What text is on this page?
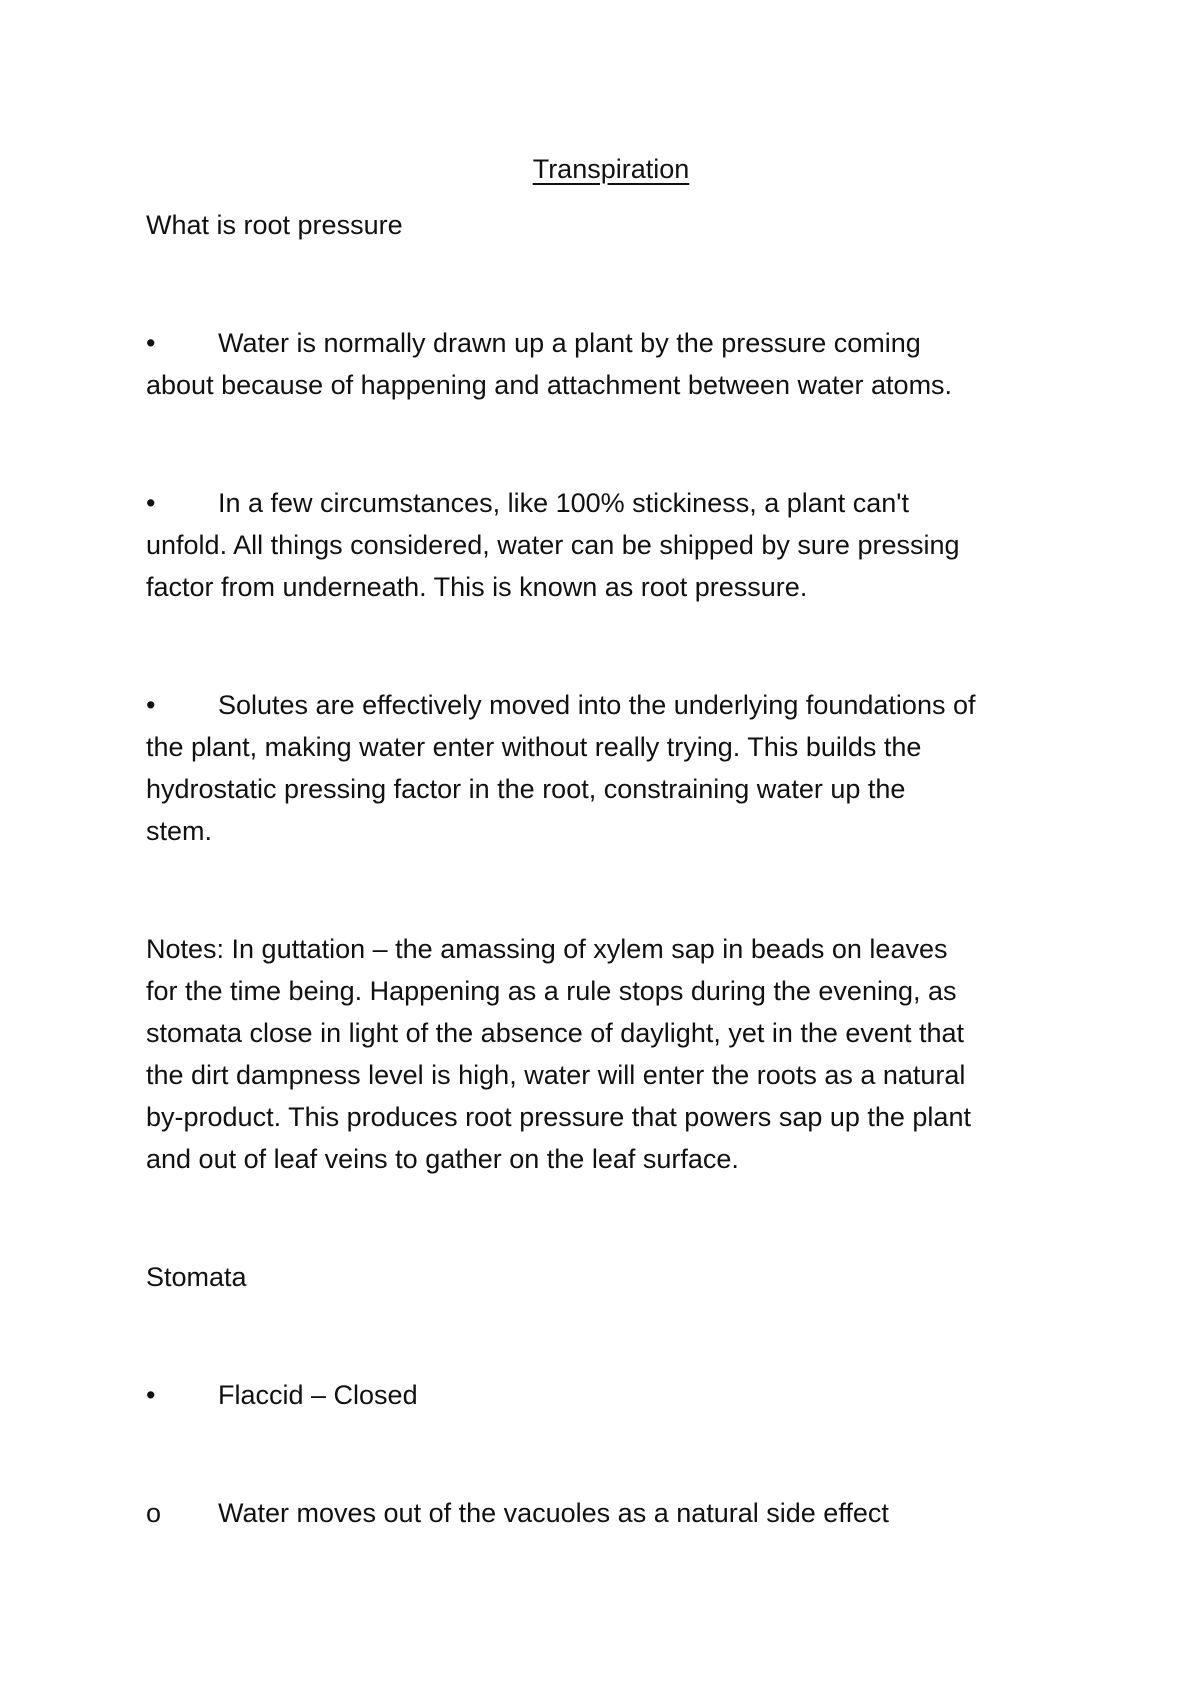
Transpiration
What is root pressure
•	Water is normally drawn up a plant by the pressure coming
about because of happening and attachment between water atoms.
•	In a few circumstances, like 100% stickiness, a plant can't
unfold. All things considered, water can be shipped by sure pressing
factor from underneath. This is known as root pressure.
•	Solutes are effectively moved into the underlying foundations of
the plant, making water enter without really trying. This builds the
hydrostatic pressing factor in the root, constraining water up the
stem.
Notes: In guttation – the amassing of xylem sap in beads on leaves
for the time being. Happening as a rule stops during the evening, as
stomata close in light of the absence of daylight, yet in the event that
the dirt dampness level is high, water will enter the roots as a natural
by-product. This produces root pressure that powers sap up the plant
and out of leaf veins to gather on the leaf surface.
Stomata
•	Flaccid – Closed
o	Water moves out of the vacuoles as a natural side effect
